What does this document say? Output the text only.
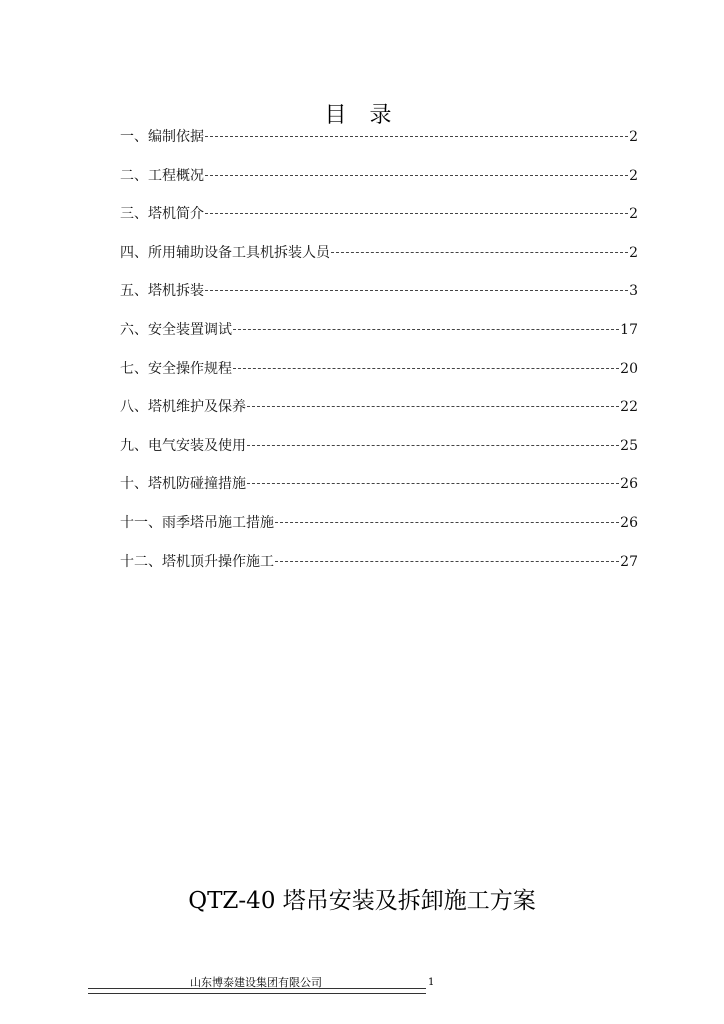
目 录
一、编制依据	2
二、工程概况	2
三、塔机简介	2
四、所用辅助设备工具机拆装人员	2
五、塔机拆装	3
六、安全装置调试	17
七、安全操作规程	20
八、塔机维护及保养	22
九、电气安装及使用	25
十、塔机防碰撞措施	26
十一、雨季塔吊施工措施	26
十二、塔机顶升操作施工	27
QTZ-40 塔吊安装及拆卸施工方案
山东博泰建设集团有限公司	1
